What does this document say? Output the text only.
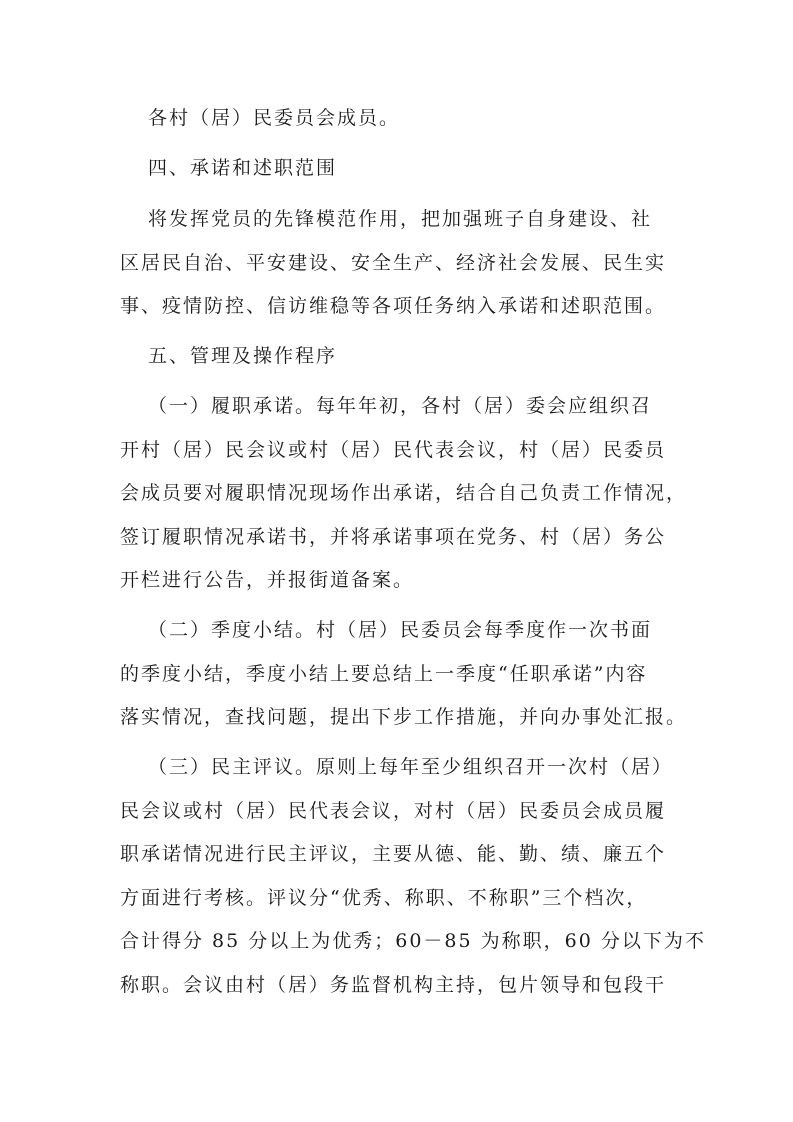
各村（居）民委员会成员。
四、承诺和述职范围
将发挥党员的先锋模范作用，把加强班子自身建设、社
区居民自治、平安建设、安全生产、经济社会发展、民生实
事、疫情防控、信访维稳等各项任务纳入承诺和述职范围。
五、管理及操作程序
（一）履职承诺。每年年初，各村（居）委会应组织召
开村（居）民会议或村（居）民代表会议，村（居）民委员
会成员要对履职情况现场作出承诺，结合自己负责工作情况，
签订履职情况承诺书，并将承诺事项在党务、村（居）务公
开栏进行公告，并报街道备案。
（二）季度小结。村（居）民委员会每季度作一次书面
的季度小结，季度小结上要总结上一季度“任职承诺”内容
落实情况，查找问题，提出下步工作措施，并向办事处汇报。
（三）民主评议。原则上每年至少组织召开一次村（居）
民会议或村（居）民代表会议，对村（居）民委员会成员履
职承诺情况进行民主评议，主要从德、能、勤、绩、廉五个
方面进行考核。评议分“优秀、称职、不称职”三个档次，
合计得分 85 分以上为优秀；60－85 为称职，60 分以下为不
称职。会议由村（居）务监督机构主持，包片领导和包段干
